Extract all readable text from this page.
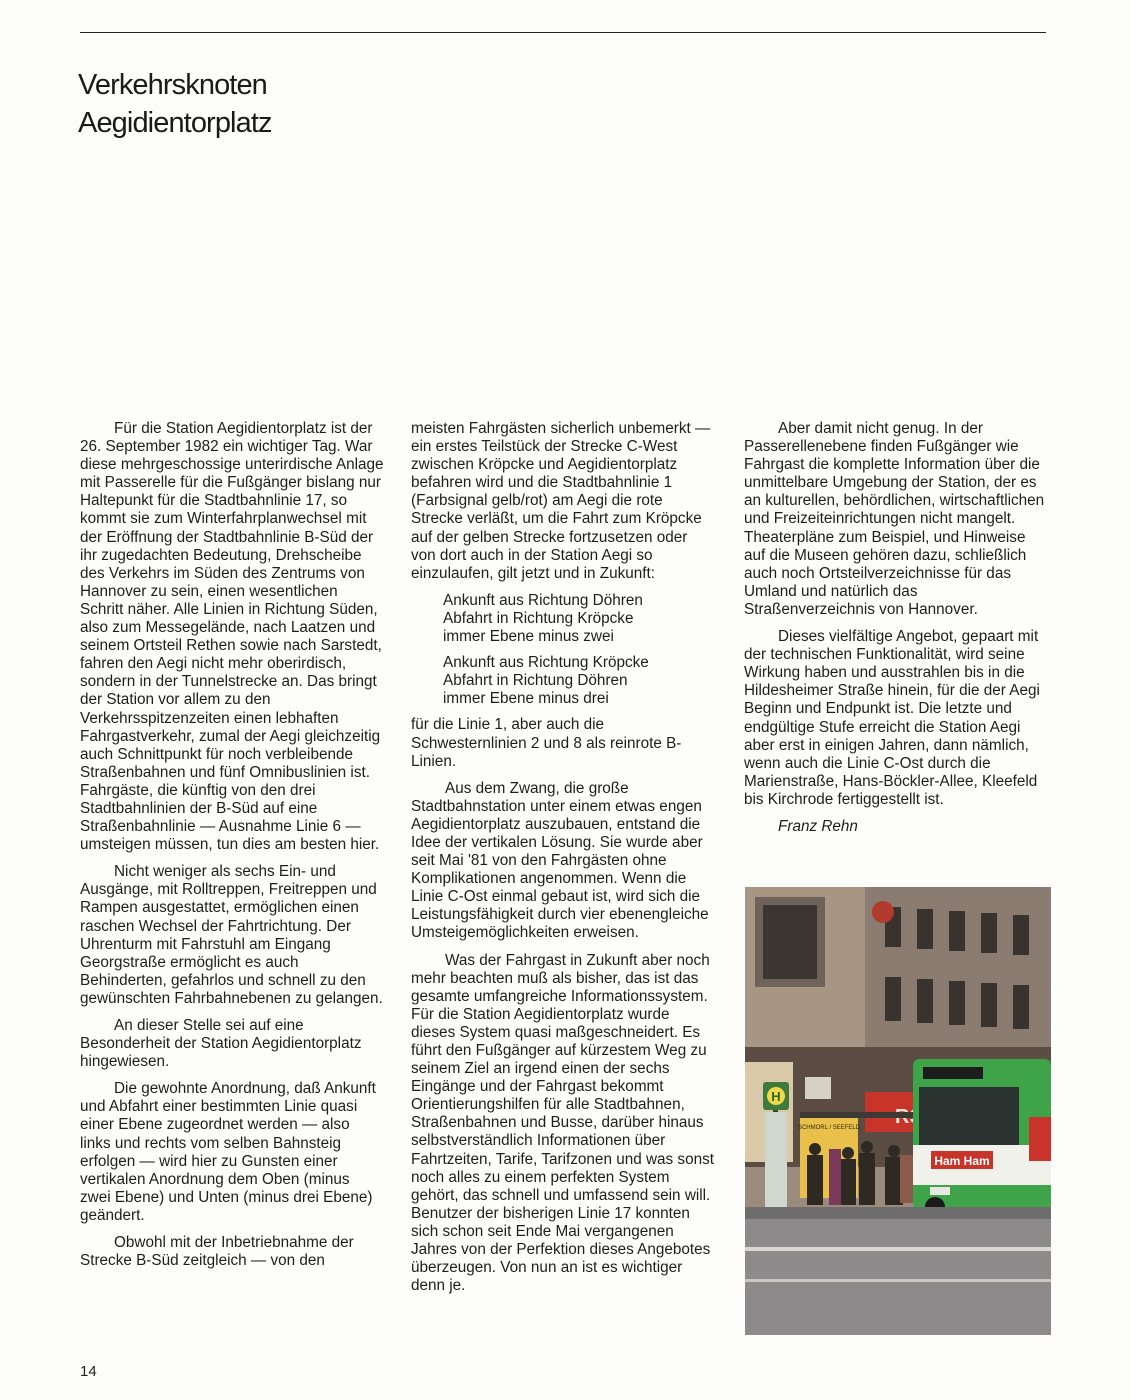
Verkehrsknoten
Aegidientorplatz

Für die Station Aegidientorplatz ist der 26. September 1982 ein wichtiger Tag. War diese mehrgeschossige unterirdische Anlage mit Passerelle für die Fußgänger bislang nur Haltepunkt für die Stadtbahnlinie 17, so kommt sie zum Winterfahrplanwechsel mit der Eröffnung der Stadtbahnlinie B-Süd der ihr zugedachten Bedeutung, Drehscheibe des Verkehrs im Süden des Zentrums von Hannover zu sein, einen wesentlichen Schritt näher. Alle Linien in Richtung Süden, also zum Messegelände, nach Laatzen und seinem Ortsteil Rethen sowie nach Sarstedt, fahren den Aegi nicht mehr oberirdisch, sondern in der Tunnelstrecke an. Das bringt der Station vor allem zu den Verkehrsspitzenzeiten einen lebhaften Fahrgastverkehr, zumal der Aegi gleichzeitig auch Schnittpunkt für noch verbleibende Straßenbahnen und fünf Omnibuslinien ist. Fahrgäste, die künftig von den drei Stadtbahnlinien der B-Süd auf eine Straßenbahnlinie — Ausnahme Linie 6 — umsteigen müssen, tun dies am besten hier.

Nicht weniger als sechs Ein- und Ausgänge, mit Rolltreppen, Freitreppen und Rampen ausgestattet, ermöglichen einen raschen Wechsel der Fahrtrichtung. Der Uhrenturm mit Fahrstuhl am Eingang Georgstraße ermöglicht es auch Behinderten, gefahrlos und schnell zu den gewünschten Fahrbahnebenen zu gelangen.

An dieser Stelle sei auf eine Besonderheit der Station Aegidientorplatz hingewiesen.

Die gewohnte Anordnung, daß Ankunft und Abfahrt einer bestimmten Linie quasi einer Ebene zugeordnet werden — also links und rechts vom selben Bahnsteig erfolgen — wird hier zu Gunsten einer vertikalen Anordnung dem Oben (minus zwei Ebene) und Unten (minus drei Ebene) geändert.

Obwohl mit der Inbetriebnahme der Strecke B-Süd zeitgleich — von den

meisten Fahrgästen sicherlich unbemerkt — ein erstes Teilstück der Strecke C-West zwischen Kröpcke und Aegidientorplatz befahren wird und die Stadtbahnlinie 1 (Farbsignal gelb/rot) am Aegi die rote Strecke verläßt, um die Fahrt zum Kröpcke auf der gelben Strecke fortzusetzen oder von dort auch in der Station Aegi so einzulaufen, gilt jetzt und in Zukunft:

Ankunft aus Richtung Döhren
Abfahrt in Richtung Kröpcke
immer Ebene minus zwei
Ankunft aus Richtung Kröpcke
Abfahrt in Richtung Döhren
immer Ebene minus drei

für die Linie 1, aber auch die Schwesternlinien 2 und 8 als reinrote B-Linien.

Aus dem Zwang, die große Stadtbahnstation unter einem etwas engen Aegidientorplatz auszubauen, entstand die Idee der vertikalen Lösung. Sie wurde aber seit Mai '81 von den Fahrgästen ohne Komplikationen angenommen. Wenn die Linie C-Ost einmal gebaut ist, wird sich die Leistungsfähigkeit durch vier ebenengleiche Umsteigemöglichkeiten erweisen.

Was der Fahrgast in Zukunft aber noch mehr beachten muß als bisher, das ist das gesamte umfangreiche Informationssystem. Für die Station Aegidientorplatz wurde dieses System quasi maßgeschneidert. Es führt den Fußgänger auf kürzestem Weg zu seinem Ziel an irgend einen der sechs Eingänge und der Fahrgast bekommt Orientierungshilfen für alle Stadtbahnen, Straßenbahnen und Busse, darüber hinaus selbstverständlich Informationen über Fahrtzeiten, Tarife, Tarifzonen und was sonst noch alles zu einem perfekten System gehört, das schnell und umfassend sein will. Benutzer der bisherigen Linie 17 konnten sich schon seit Ende Mai vergangenen Jahres von der Perfektion dieses Angebotes überzeugen. Von nun an ist es wichtiger denn je.

Aber damit nicht genug. In der Passerellenebene finden Fußgänger wie Fahrgast die komplette Information über die unmittelbare Umgebung der Station, der es an kulturellen, behördlichen, wirtschaftlichen und Freizeiteinrichtungen nicht mangelt. Theaterpläne zum Beispiel, und Hinweise auf die Museen gehören dazu, schließlich auch noch Ortsteilverzeichnisse für das Umland und natürlich das Straßenverzeichnis von Hannover.

Dieses vielfältige Angebot, gepaart mit der technischen Funktionalität, wird seine Wirkung haben und ausstrahlen bis in die Hildesheimer Straße hinein, für die der Aegi Beginn und Endpunkt ist. Die letzte und endgültige Stufe erreicht die Station Aegi aber erst in einigen Jahren, dann nämlich, wenn auch die Linie C-Ost durch die Marienstraße, Hans-Böckler-Allee, Kleefeld bis Kirchrode fertiggestellt ist.

Franz Rehn

H
SCHMORL / SEEFELD
Ham Ham
14
